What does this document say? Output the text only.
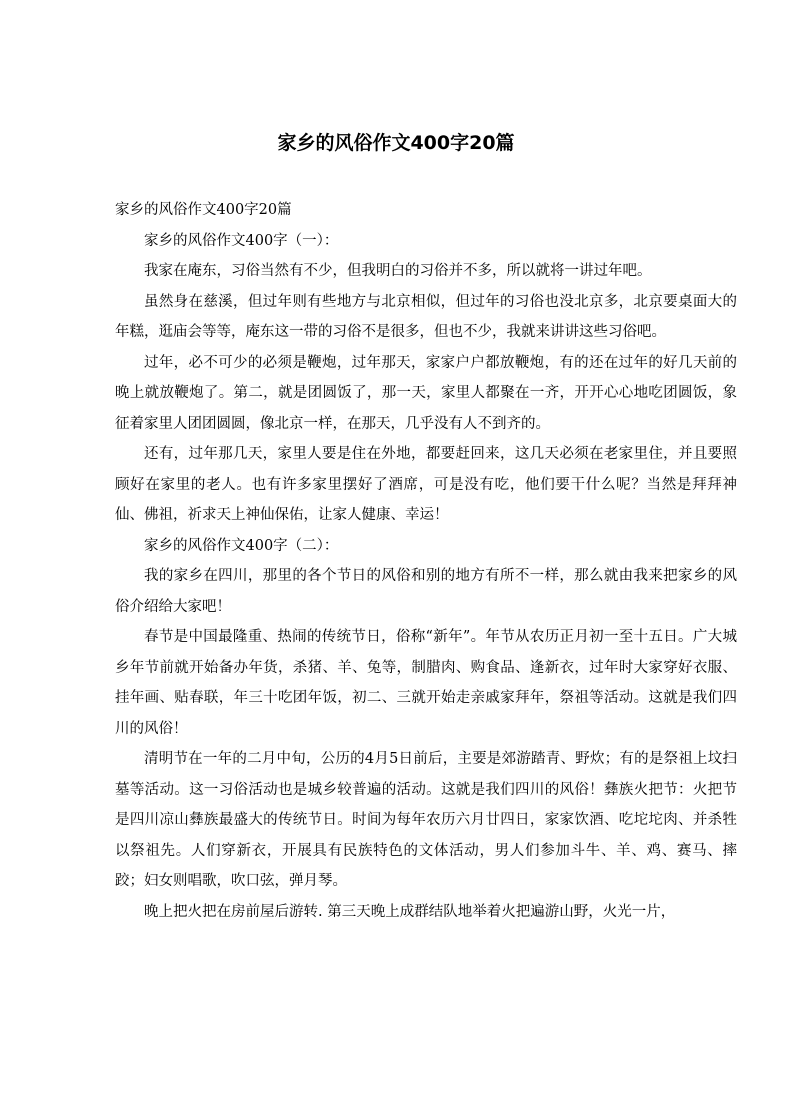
家乡的风俗作文400字20篇

家乡的风俗作文400字20篇

家乡的风俗作文400字（一）：

我家在庵东，习俗当然有不少，但我明白的习俗并不多，所以就将一讲过年吧。

虽然身在慈溪，但过年则有些地方与北京相似，但过年的习俗也没北京多，北京要桌面大的年糕，逛庙会等等，庵东这一带的习俗不是很多，但也不少，我就来讲讲这些习俗吧。

过年，必不可少的必须是鞭炮，过年那天，家家户户都放鞭炮，有的还在过年的好几天前的晚上就放鞭炮了。第二，就是团圆饭了，那一天，家里人都聚在一齐，开开心心地吃团圆饭，象征着家里人团团圆圆，像北京一样，在那天，几乎没有人不到齐的。

还有，过年那几天，家里人要是住在外地，都要赶回来，这几天必须在老家里住，并且要照顾好在家里的老人。也有许多家里摆好了酒席，可是没有吃，他们要干什么呢？当然是拜拜神仙、佛祖，祈求天上神仙保佑，让家人健康、幸运！

家乡的风俗作文400字（二）：

我的家乡在四川，那里的各个节日的风俗和别的地方有所不一样，那么就由我来把家乡的风俗介绍给大家吧！

春节是中国最隆重、热闹的传统节日，俗称“新年”。年节从农历正月初一至十五日。广大城乡年节前就开始备办年货，杀猪、羊、兔等，制腊肉、购食品、逢新衣，过年时大家穿好衣服、挂年画、贴春联，年三十吃团年饭，初二、三就开始走亲戚家拜年，祭祖等活动。这就是我们四川的风俗！

清明节在一年的二月中旬，公历的4月5日前后，主要是郊游踏青、野炊；有的是祭祖上坟扫墓等活动。这一习俗活动也是城乡较普遍的活动。这就是我们四川的风俗！彝族火把节：火把节是四川凉山彝族最盛大的传统节日。时间为每年农历六月廿四日，家家饮酒、吃坨坨肉、并杀牲以祭祖先。人们穿新衣，开展具有民族特色的文体活动，男人们参加斗牛、羊、鸡、赛马、摔跤；妇女则唱歌，吹口弦，弹月琴。

晚上把火把在房前屋后游转. 第三天晚上成群结队地举着火把遍游山野，火光一片，
